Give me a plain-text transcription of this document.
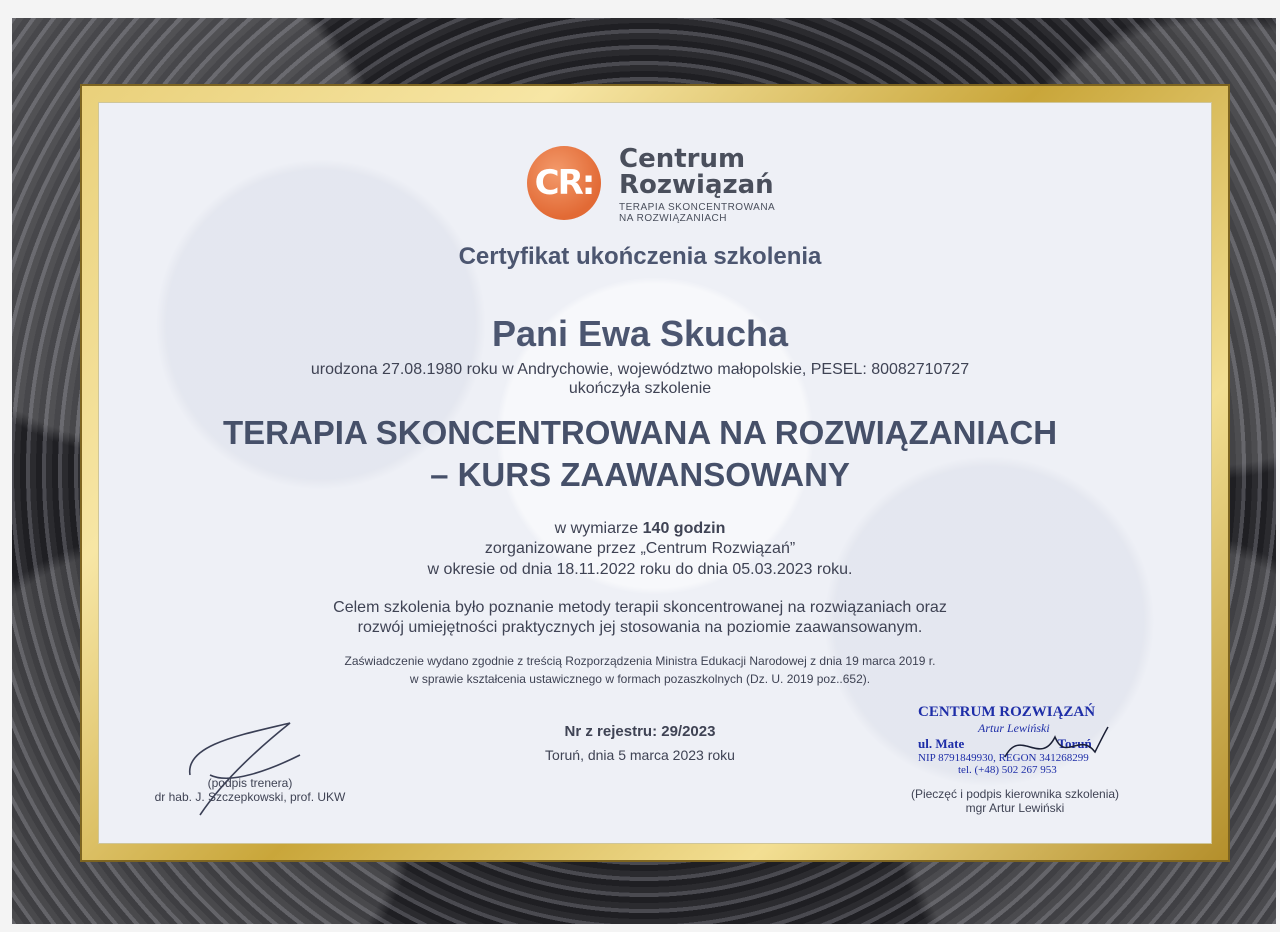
CR:
Centrum
Rozwiązań
TERAPIA SKONCENTROWANA
NA ROZWIĄZANIACH
Certyfikat ukończenia szkolenia
Pani Ewa Skucha
urodzona 27.08.1980 roku w Andrychowie, województwo małopolskie, PESEL: 80082710727
ukończyła szkolenie
TERAPIA SKONCENTROWANA NA ROZWIĄZANIACH
– KURS ZAAWANSOWANY
w wymiarze 140 godzin
zorganizowane przez „Centrum Rozwiązań”
w okresie od dnia 18.11.2022 roku do dnia 05.03.2023 roku.
Celem szkolenia było poznanie metody terapii skoncentrowanej na rozwiązaniach oraz
rozwój umiejętności praktycznych jej stosowania na poziomie zaawansowanym.
Zaświadczenie wydano zgodnie z treścią Rozporządzenia Ministra Edukacji Narodowej z dnia 19 marca 2019 r.
w sprawie kształcenia ustawicznego w formach pozaszkolnych (Dz. U. 2019 poz..652).
Nr z rejestru: 29/2023
Toruń, dnia 5 marca 2023 roku
(podpis trenera)
dr hab. J. Szczepkowski, prof. UKW
CENTRUM ROZWIĄZAŃ
Artur Lewiński
ul. Mate	Toruń
NIP 8791849930, REGON 341268299
tel. (+48) 502 267 953
(Pieczęć i podpis kierownika szkolenia)
mgr Artur Lewiński
